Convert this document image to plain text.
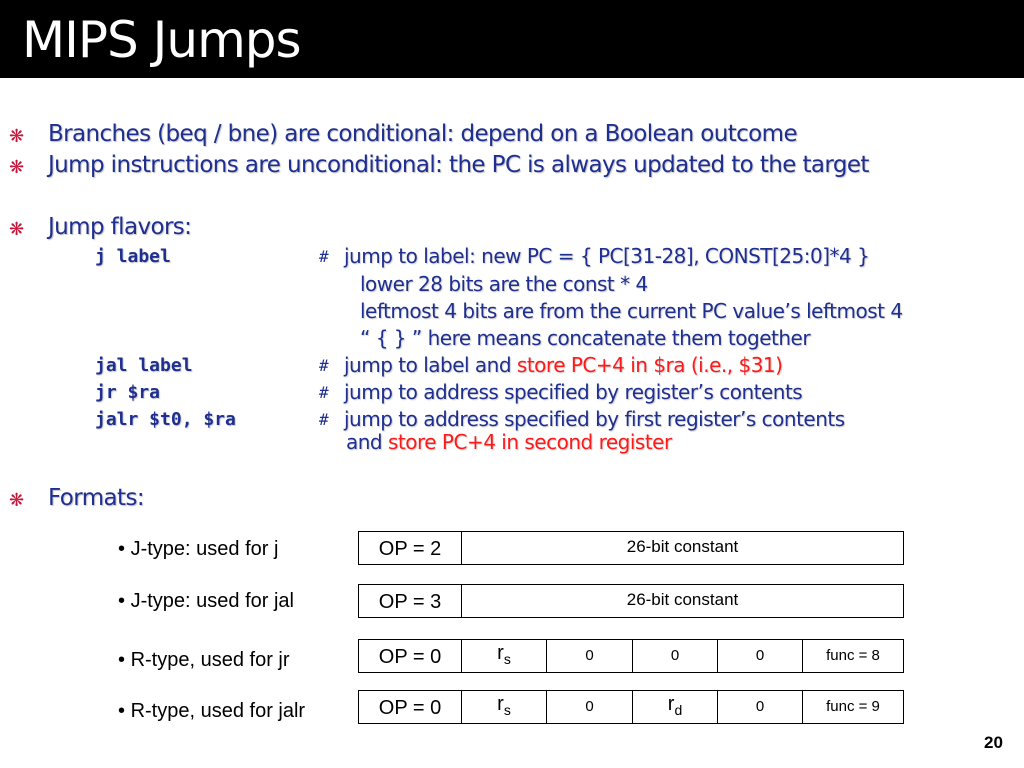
MIPS Jumps
❋ Branches (beq / bne) are conditional: depend on a Boolean outcome
❋ Jump instructions are unconditional: the PC is always updated to the target
❋ Jump flavors:
j label	# jump to label: new PC = { PC[31-28], CONST[25:0]*4 }
lower 28 bits are the const * 4
leftmost 4 bits are from the current PC value’s leftmost 4
“ { } ” here means concatenate them together
jal label	# jump to label and store PC+4 in $ra (i.e., $31)
jr $ra	# jump to address specified by register’s contents
jalr $t0, $ra	# jump to address specified by first register’s contents
and store PC+4 in second register
❋ Formats:
• J-type: used for j	OP = 2	26-bit constant
• J-type: used for jal	OP = 3	26-bit constant
• R-type, used for jr	OP = 0	$r_s$	0	0	0	func = 8
• R-type, used for jalr	OP = 0	$r_s$	0	$r_d$	0	func = 9
20
